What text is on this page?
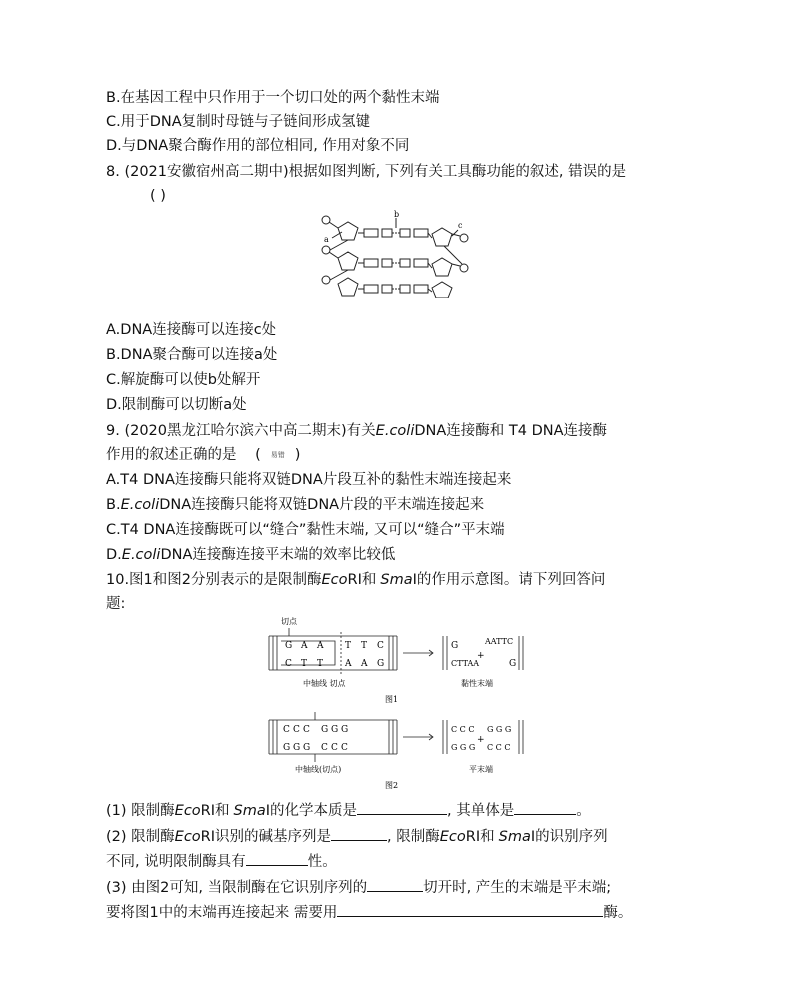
B.在基因工程中只作用于一个切口处的两个黏性末端
C.用于DNA复制时母链与子链间形成氢键
D.与DNA聚合酶作用的部位相同, 作用对象不同
8. (2021安徽宿州高二期中)根据如图判断, 下列有关工具酶功能的叙述, 错误的是
( )
a
b
c
A.DNA连接酶可以连接c处
B.DNA聚合酶可以连接a处
C.解旋酶可以使b处解开
D.限制酶可以切断a处
9. (2020黑龙江哈尔滨六中高二期末)有关E.coliDNA连接酶和 T4 DNA连接酶
作用的叙述正确的是 ( 易错 )
A.T4 DNA连接酶只能将双链DNA片段互补的黏性末端连接起来
B.E.coliDNA连接酶只能将双链DNA片段的平末端连接起来
C.T4 DNA连接酶既可以“缝合”黏性末端, 又可以“缝合”平末端
D.E.coliDNA连接酶连接平末端的效率比较低
10.图1和图2分别表示的是限制酶EcoRI和 SmaI的作用示意图。请下列回答问
题:
切点
G A A T T C
C T T A A G
G
CTTAA
+
AATTC
G
中轴线 切点	黏性末端
图1
C C C G G G
G G G C C C
C C C
G G G
+
G G G
C C C
中轴线(切点)	平末端
图2
(1) 限制酶EcoRI和 SmaI的化学本质是	, 其单体是	。
(2) 限制酶EcoRI识别的碱基序列是	, 限制酶EcoRI和 SmaI的识别序列
不同, 说明限制酶具有	性。
(3) 由图2可知, 当限制酶在它识别序列的	切开时, 产生的末端是平末端;
要将图1中的末端再连接起来 需要用	酶。
